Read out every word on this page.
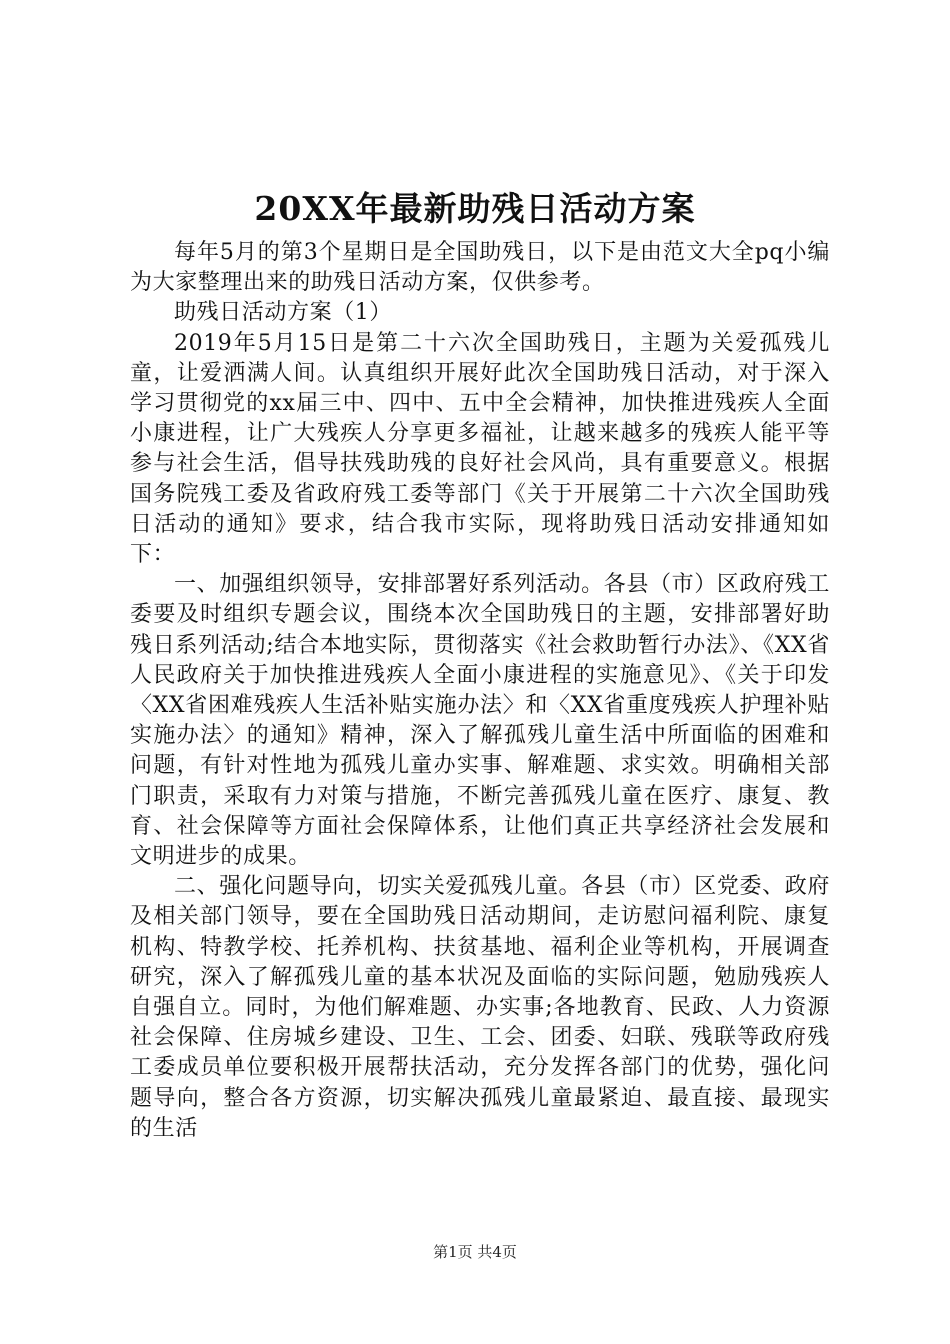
20XX年最新助残日活动方案

每年5月的第3个星期日是全国助残日，以下是由范文大全pq小编为大家整理出来的助残日活动方案，仅供参考。

助残日活动方案（1）

2019年5月15日是第二十六次全国助残日，主题为关爱孤残儿童，让爱洒满人间。认真组织开展好此次全国助残日活动，对于深入学习贯彻党的xx届三中、四中、五中全会精神，加快推进残疾人全面小康进程，让广大残疾人分享更多福祉，让越来越多的残疾人能平等参与社会生活，倡导扶残助残的良好社会风尚，具有重要意义。根据国务院残工委及省政府残工委等部门《关于开展第二十六次全国助残日活动的通知》要求，结合我市实际，现将助残日活动安排通知如下：

一、加强组织领导，安排部署好系列活动。各县（市）区政府残工委要及时组织专题会议，围绕本次全国助残日的主题，安排部署好助残日系列活动;结合本地实际，贯彻落实《社会救助暂行办法》、《XX省人民政府关于加快推进残疾人全面小康进程的实施意见》、《关于印发〈XX省困难残疾人生活补贴实施办法〉和〈XX省重度残疾人护理补贴实施办法〉的通知》精神，深入了解孤残儿童生活中所面临的困难和问题，有针对性地为孤残儿童办实事、解难题、求实效。明确相关部门职责，采取有力对策与措施，不断完善孤残儿童在医疗、康复、教育、社会保障等方面社会保障体系，让他们真正共享经济社会发展和文明进步的成果。

二、强化问题导向，切实关爱孤残儿童。各县（市）区党委、政府及相关部门领导，要在全国助残日活动期间，走访慰问福利院、康复机构、特教学校、托养机构、扶贫基地、福利企业等机构，开展调查研究，深入了解孤残儿童的基本状况及面临的实际问题，勉励残疾人自强自立。同时，为他们解难题、办实事;各地教育、民政、人力资源社会保障、住房城乡建设、卫生、工会、团委、妇联、残联等政府残工委成员单位要积极开展帮扶活动，充分发挥各部门的优势，强化问题导向，整合各方资源，切实解决孤残儿童最紧迫、最直接、最现实的生活

第1页 共4页
